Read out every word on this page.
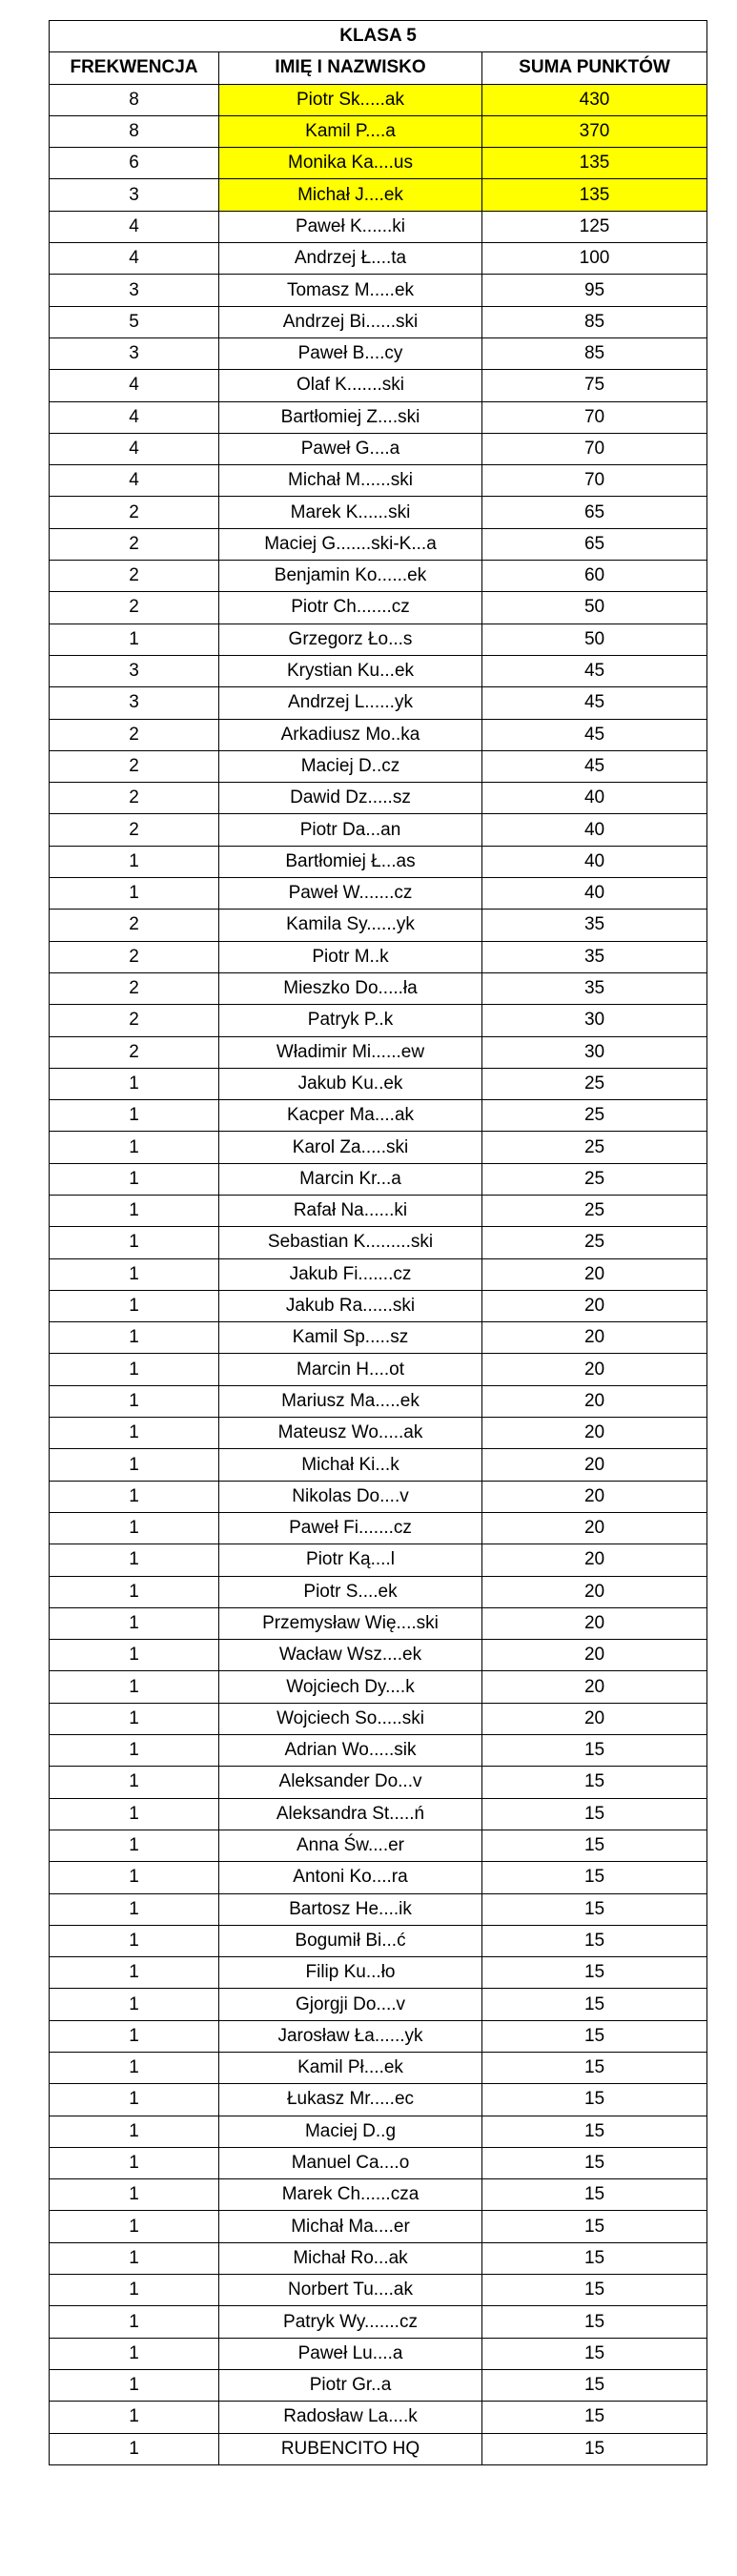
KLASA 5		
FREKWENCJA	IMIĘ I NAZWISKO	SUMA PUNKTÓW
8	Piotr Sk.....ak	430
8	Kamil P....a	370
6	Monika Ka....us	135
3	Michał J....ek	135
4	Paweł K......ki	125
4	Andrzej Ł....ta	100
3	Tomasz M.....ek	95
5	Andrzej Bi......ski	85
3	Paweł B....cy	85
4	Olaf K.......ski	75
4	Bartłomiej Z....ski	70
4	Paweł G....a	70
4	Michał M......ski	70
2	Marek K......ski	65
2	Maciej G.......ski-K...a	65
2	Benjamin Ko......ek	60
2	Piotr Ch.......cz	50
1	Grzegorz Ło...s	50
3	Krystian Ku...ek	45
3	Andrzej L......yk	45
2	Arkadiusz Mo..ka	45
2	Maciej D..cz	45
2	Dawid Dz.....sz	40
2	Piotr Da...an	40
1	Bartłomiej Ł...as	40
1	Paweł W.......cz	40
2	Kamila Sy......yk	35
2	Piotr M..k	35
2	Mieszko Do.....ła	35
2	Patryk P..k	30
2	Władimir Mi......ew	30
1	Jakub Ku..ek	25
1	Kacper Ma....ak	25
1	Karol Za.....ski	25
1	Marcin Kr...a	25
1	Rafał Na......ki	25
1	Sebastian K.........ski	25
1	Jakub Fi.......cz	20
1	Jakub Ra......ski	20
1	Kamil Sp.....sz	20
1	Marcin H....ot	20
1	Mariusz Ma.....ek	20
1	Mateusz Wo.....ak	20
1	Michał Ki...k	20
1	Nikolas Do....v	20
1	Paweł Fi.......cz	20
1	Piotr Ką....l	20
1	Piotr S....ek	20
1	Przemysław Wię....ski	20
1	Wacław Wsz....ek	20
1	Wojciech Dy....k	20
1	Wojciech So.....ski	20
1	Adrian Wo.....sik	15
1	Aleksander Do...v	15
1	Aleksandra St.....ń	15
1	Anna Św....er	15
1	Antoni Ko....ra	15
1	Bartosz He....ik	15
1	Bogumił Bi...ć	15
1	Filip Ku...ło	15
1	Gjorgji Do....v	15
1	Jarosław Ła......yk	15
1	Kamil Pł....ek	15
1	Łukasz Mr.....ec	15
1	Maciej D..g	15
1	Manuel Ca....o	15
1	Marek Ch......cza	15
1	Michał Ma....er	15
1	Michał Ro...ak	15
1	Norbert Tu....ak	15
1	Patryk Wy.......cz	15
1	Paweł Lu....a	15
1	Piotr Gr..a	15
1	Radosław La....k	15
1	RUBENCITO HQ	15
